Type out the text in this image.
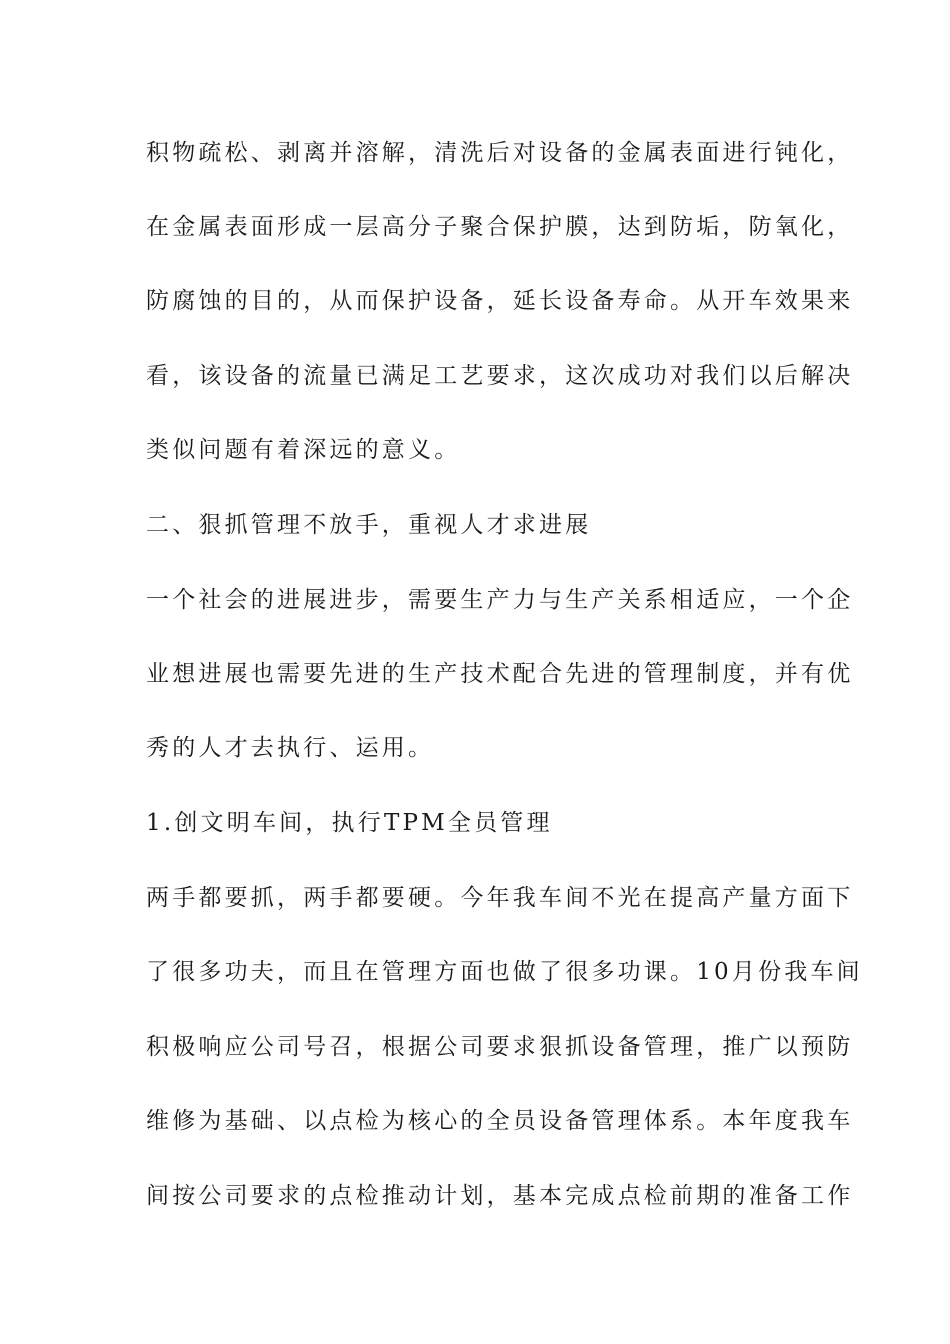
积物疏松、剥离并溶解，清洗后对设备的金属表面进行钝化，
在金属表面形成一层高分子聚合保护膜，达到防垢，防氧化，
防腐蚀的目的，从而保护设备，延长设备寿命。从开车效果来
看，该设备的流量已满足工艺要求，这次成功对我们以后解决
类似问题有着深远的意义。
二、狠抓管理不放手，重视人才求进展
一个社会的进展进步，需要生产力与生产关系相适应，一个企
业想进展也需要先进的生产技术配合先进的管理制度，并有优
秀的人才去执行、运用。
1.创文明车间，执行TPM全员管理
两手都要抓，两手都要硬。今年我车间不光在提高产量方面下
了很多功夫，而且在管理方面也做了很多功课。10月份我车间
积极响应公司号召，根据公司要求狠抓设备管理，推广以预防
维修为基础、以点检为核心的全员设备管理体系。本年度我车
间按公司要求的点检推动计划，基本完成点检前期的准备工作
